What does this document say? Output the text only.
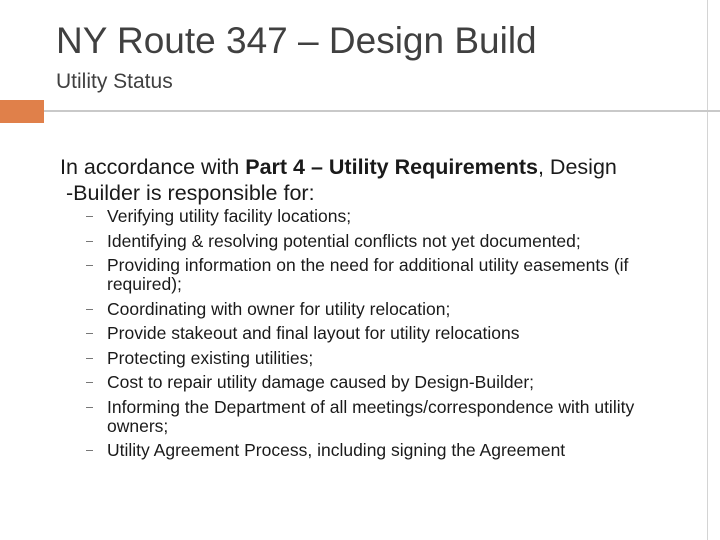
NY Route 347 – Design Build
Utility Status
In accordance with Part 4 – Utility Requirements, Design
-Builder is responsible for:
Verifying utility facility locations;
Identifying & resolving potential conflicts not yet documented;
Providing information on the need for additional utility easements (if required);
Coordinating with owner for utility relocation;
Provide stakeout and final layout for utility relocations
Protecting existing utilities;
Cost to repair utility damage caused by Design-Builder;
Informing the Department of all meetings/correspondence with utility owners;
Utility Agreement Process, including signing the Agreement
